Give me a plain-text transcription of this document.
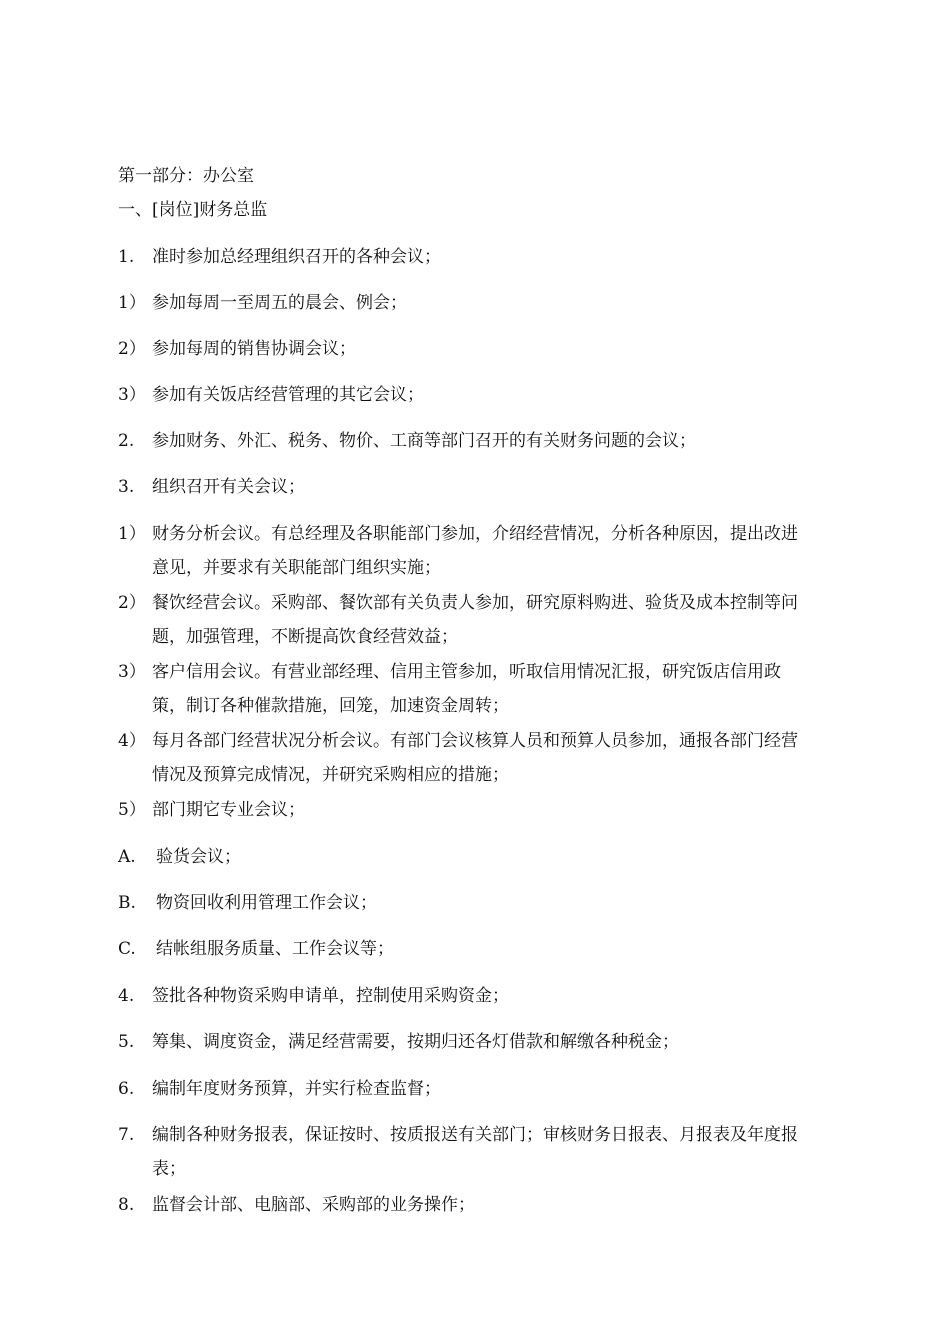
第一部分：办公室
一、[岗位]财务总监
1.	准时参加总经理组织召开的各种会议；
1） 参加每周一至周五的晨会、例会；
2） 参加每周的销售协调会议；
3） 参加有关饭店经营管理的其它会议；
2.	参加财务、外汇、税务、物价、工商等部门召开的有关财务问题的会议；
3.	组织召开有关会议；
1） 财务分析会议。有总经理及各职能部门参加，介绍经营情况，分析各种原因，提出改进意见，并要求有关职能部门组织实施；
2） 餐饮经营会议。采购部、餐饮部有关负责人参加，研究原料购进、验货及成本控制等问题，加强管理，不断提高饮食经营效益；
3） 客户信用会议。有营业部经理、信用主管参加，听取信用情况汇报，研究饭店信用政策，制订各种催款措施，回笼，加速资金周转；
4） 每月各部门经营状况分析会议。有部门会议核算人员和预算人员参加，通报各部门经营情况及预算完成情况，并研究采购相应的措施；
5） 部门期它专业会议；
A.	验货会议；
B.	物资回收利用管理工作会议；
C.	结帐组服务质量、工作会议等；
4.	签批各种物资采购申请单，控制使用采购资金；
5.	筹集、调度资金，满足经营需要，按期归还各灯借款和解缴各种税金；
6.	编制年度财务预算，并实行检查监督；
7.	编制各种财务报表，保证按时、按质报送有关部门；审核财务日报表、月报表及年度报表；
8.	监督会计部、电脑部、采购部的业务操作；
